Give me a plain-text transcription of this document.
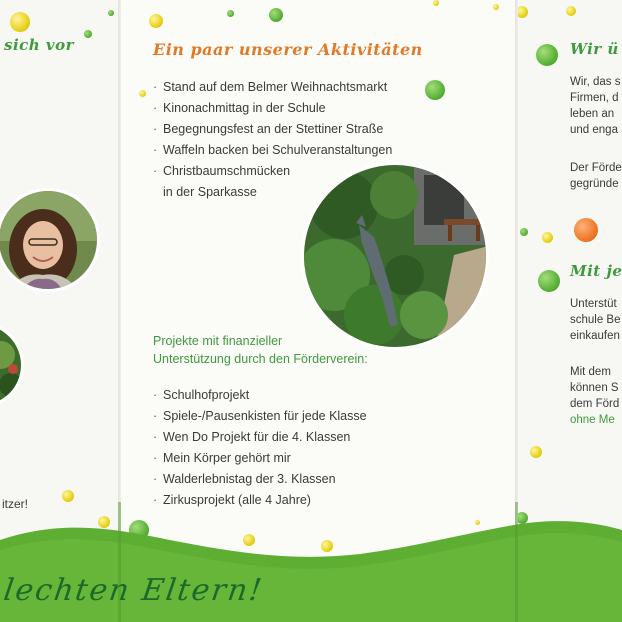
sich vor
itzer!
Ein paar unserer Aktivitäten
· Stand auf dem Belmer Weihnachtsmarkt
· Kinonachmittag in der Schule
· Begegnungsfest an der Stettiner Straße
· Waffeln backen bei Schulveranstaltungen
· Christbaumschmücken
in der Sparkasse
Projekte mit finanzieller
Unterstützung durch den Förderverein:
· Schulhofprojekt
· Spiele-/Pausenkisten für jede Klasse
· Wen Do Projekt für die 4. Klassen
· Mein Körper gehört mir
· Walderlebnistag der 3. Klassen
· Zirkusprojekt (alle 4 Jahre)
Wir ü
Wir, das s
Firmen, d
leben an
und enga
Der Förde
gegründe
Mit je
Unterstüt
schule Be
einkaufen
Mit dem
können S
dem Förd
ohne Me
lechten Eltern!
